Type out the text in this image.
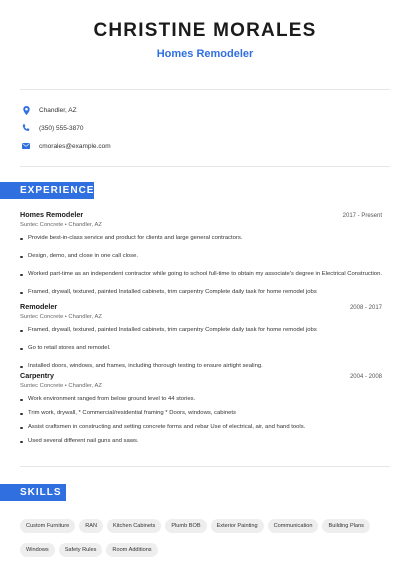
CHRISTINE MORALES
Homes Remodeler
Chandler, AZ
(350) 555-3870
cmorales@example.com
EXPERIENCE
Homes Remodeler	2017 - Present
Suntec Concrete • Chandler, AZ
Provide best-in-class service and product for clients and large general contractors.
Design, demo, and close in one call close.
Worked part-time as an independent contractor while going to school full-time to obtain my associate's degree in Electrical Construction.
Framed, drywall, textured, painted Installed cabinets, trim carpentry Complete daily task for home remodel jobs
Remodeler	2008 - 2017
Suntec Concrete • Chandler, AZ
Framed, drywall, textured, painted Installed cabinets, trim carpentry Complete daily task for home remodel jobs
Go to retail stores and remodel.
Installed doors, windows, and frames, including thorough testing to ensure airtight sealing.
Carpentry	2004 - 2008
Suntec Concrete • Chandler, AZ
Work environment ranged from below ground level to 44 stories.
Trim work, drywall, * Commercial/residential framing * Doors, windows, cabinets
Assist craftsmen in constructing and setting concrete forms and rebar Use of electrical, air, and hand tools.
Used several different nail guns and saws.
SKILLS
Custom Furniture	RAN	Kitchen Cabinets	Plumb BOB	Exterior Painting	Communication	Building PlansWindows	Safety Rules	Room Additions
